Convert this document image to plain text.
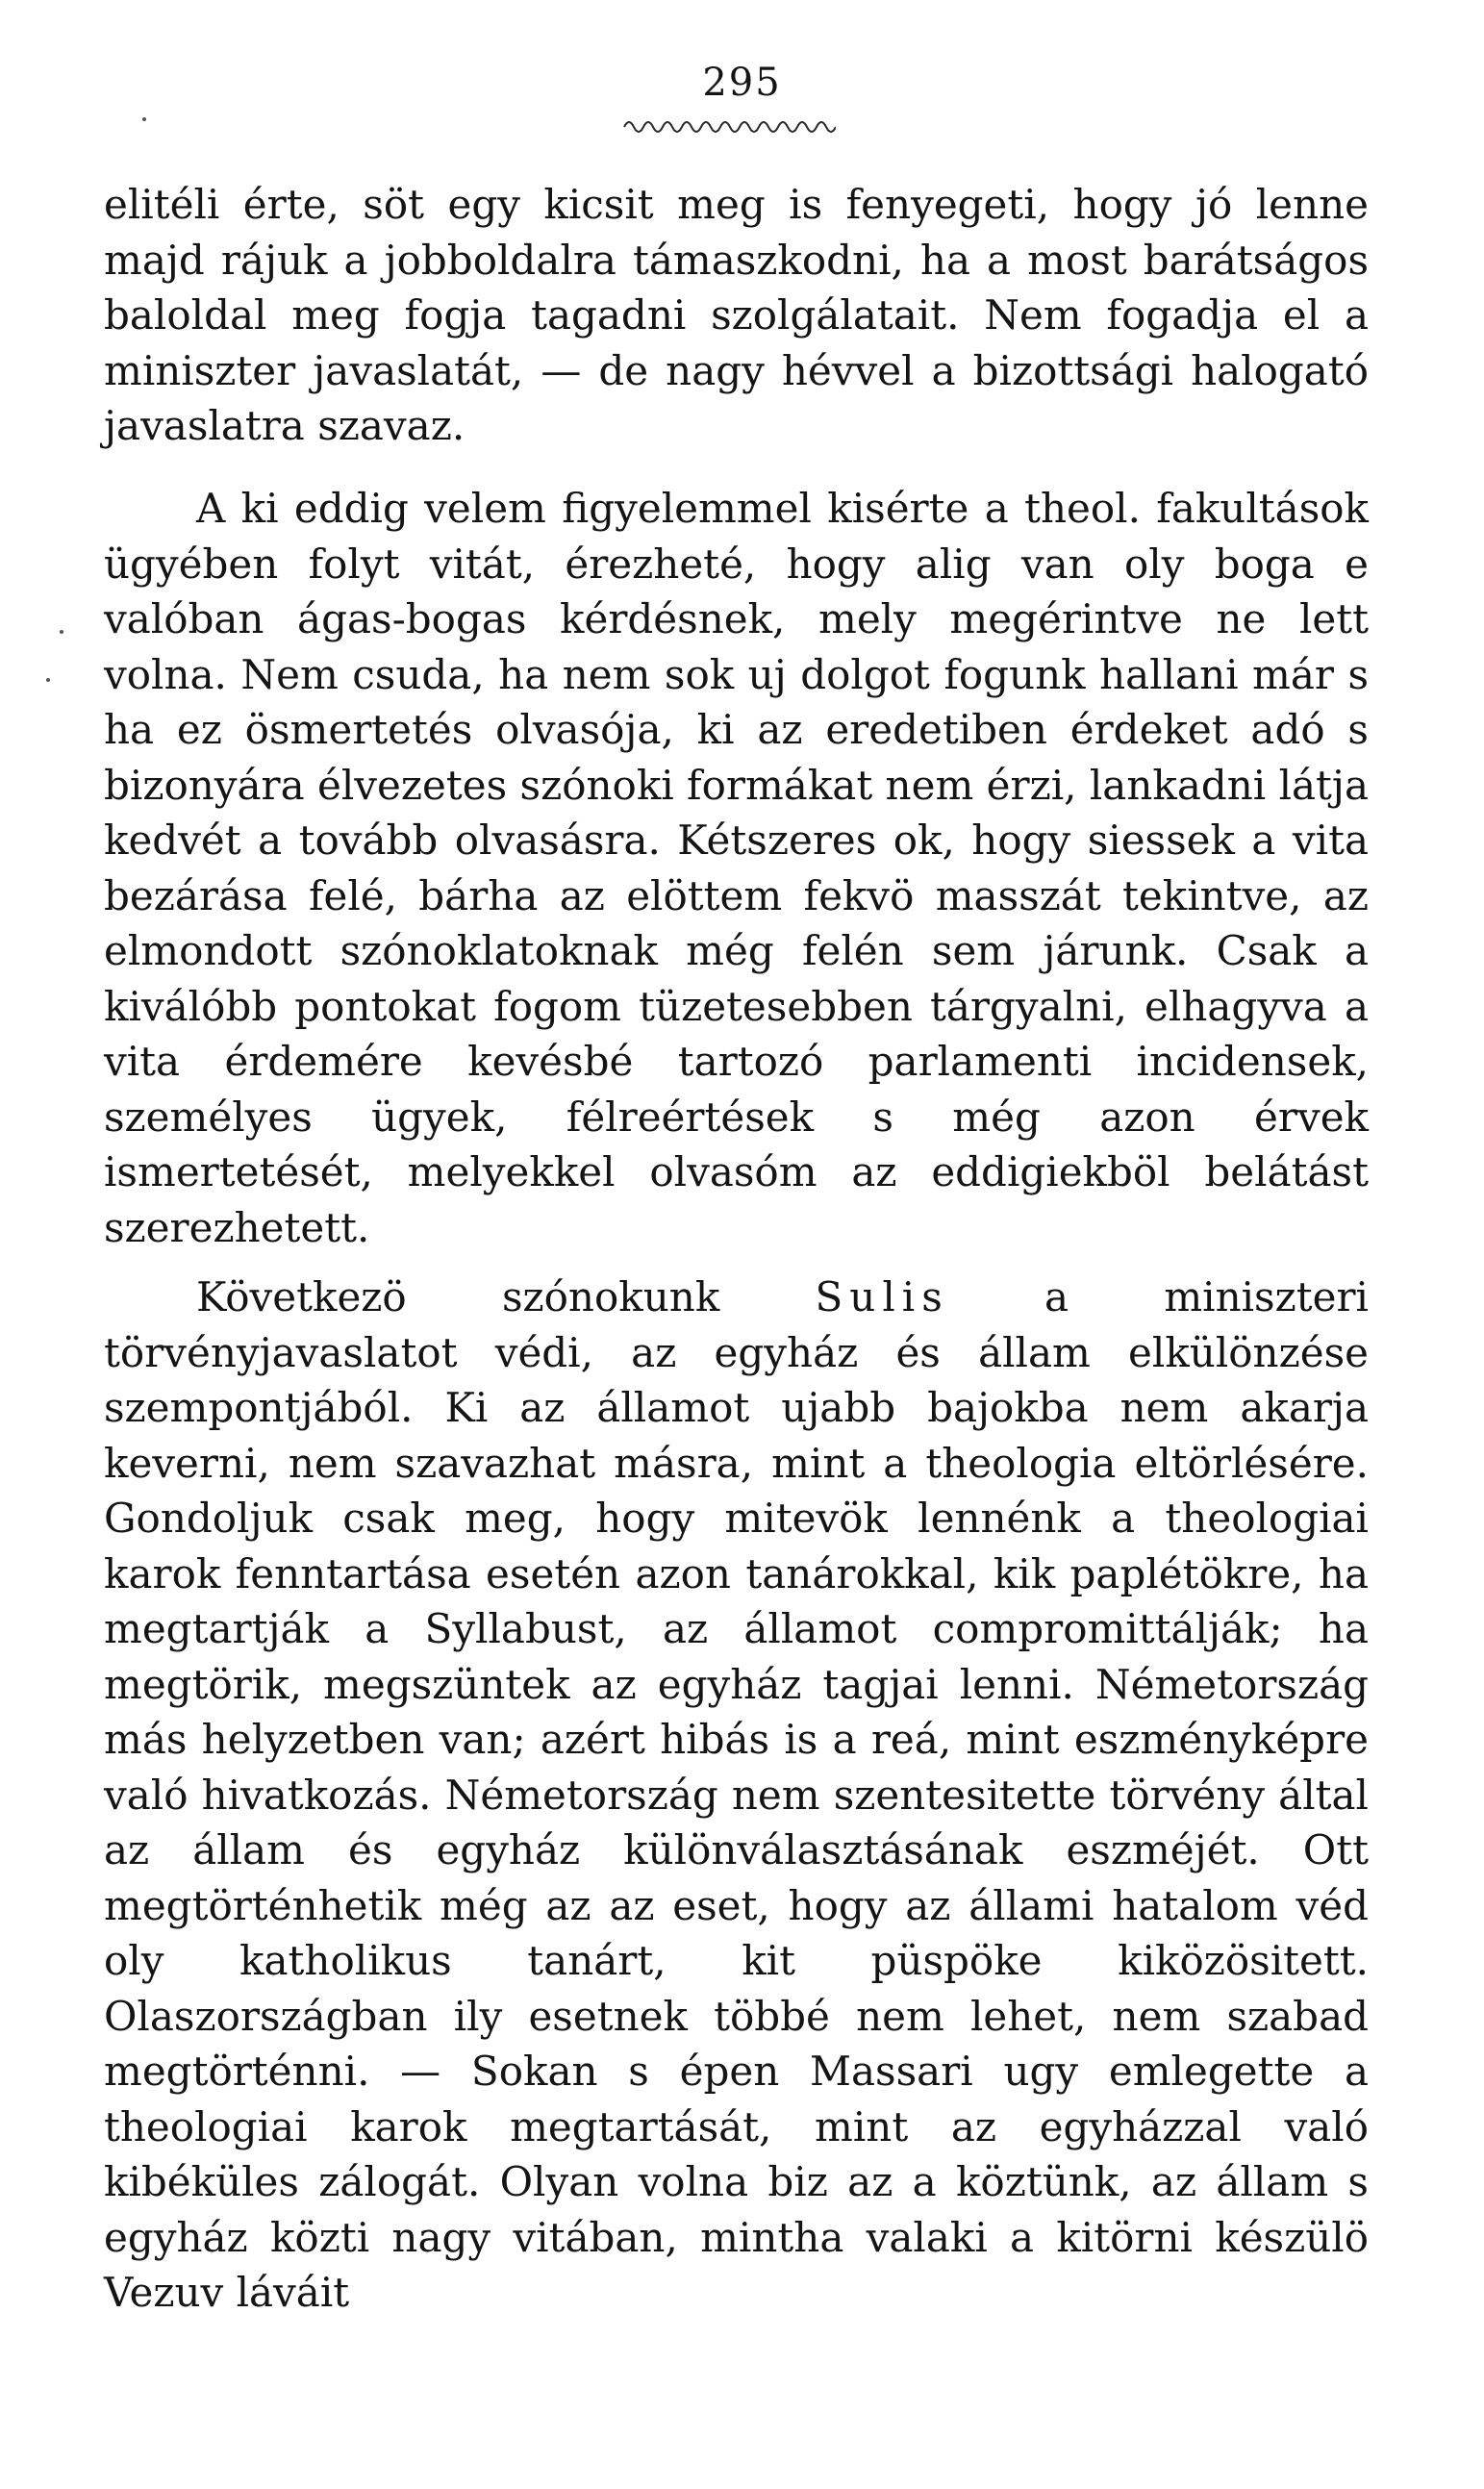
295

elitéli érte, söt egy kicsit meg is fenyegeti, hogy jó lenne majd rájuk a jobboldalra támaszkodni, ha a most barátságos baloldal meg fogja tagadni szolgálatait. Nem fogadja el a miniszter javaslatát, — de nagy hévvel a bizottsági halogató javaslatra szavaz.

A ki eddig velem figyelemmel kisérte a theol. fakultások ügyében folyt vitát, érezheté, hogy alig van oly boga e valóban ágas-bogas kérdésnek, mely megérintve ne lett volna. Nem csuda, ha nem sok uj dolgot fogunk hallani már s ha ez ösmertetés olvasója, ki az eredetiben érdeket adó s bizonyára élvezetes szónoki formákat nem érzi, lankadni látja kedvét a tovább olvasásra. Kétszeres ok, hogy siessek a vita bezárása felé, bárha az elöttem fekvö masszát tekintve, az elmondott szónoklatoknak még felén sem járunk. Csak a kiválóbb pontokat fogom tüzetesebben tárgyalni, elhagyva a vita érdemére kevésbé tartozó parlamenti incidensek, személyes ügyek, félreértések s még azon érvek ismertetését, melyekkel olvasóm az eddigiekböl belátást szerezhetett.

Következö szónokunk Sulis a miniszteri törvényjavaslatot védi, az egyház és állam elkülönzése szempontjából. Ki az államot ujabb bajokba nem akarja keverni, nem szavazhat másra, mint a theologia eltörlésére. Gondoljuk csak meg, hogy mitevök lennénk a theologiai karok fenntartása esetén azon tanárokkal, kik paplétökre, ha megtartják a Syllabust, az államot compromittálják; ha megtörik, megszüntek az egyház tagjai lenni. Németország más helyzetben van; azért hibás is a reá, mint eszményképre való hivatkozás. Németország nem szentesitette törvény által az állam és egyház különválasztásának eszméjét. Ott megtörténhetik még az az eset, hogy az állami hatalom véd oly katholikus tanárt, kit püspöke kiközösitett. Olaszországban ily esetnek többé nem lehet, nem szabad megtörténni. — Sokan s épen Massari ugy emlegette a theologiai karok megtartását, mint az egyházzal való kibéküles zálogát. Olyan volna biz az a köztünk, az állam s egyház közti nagy vitában, mintha valaki a kitörni készülö Vezuv láváit
